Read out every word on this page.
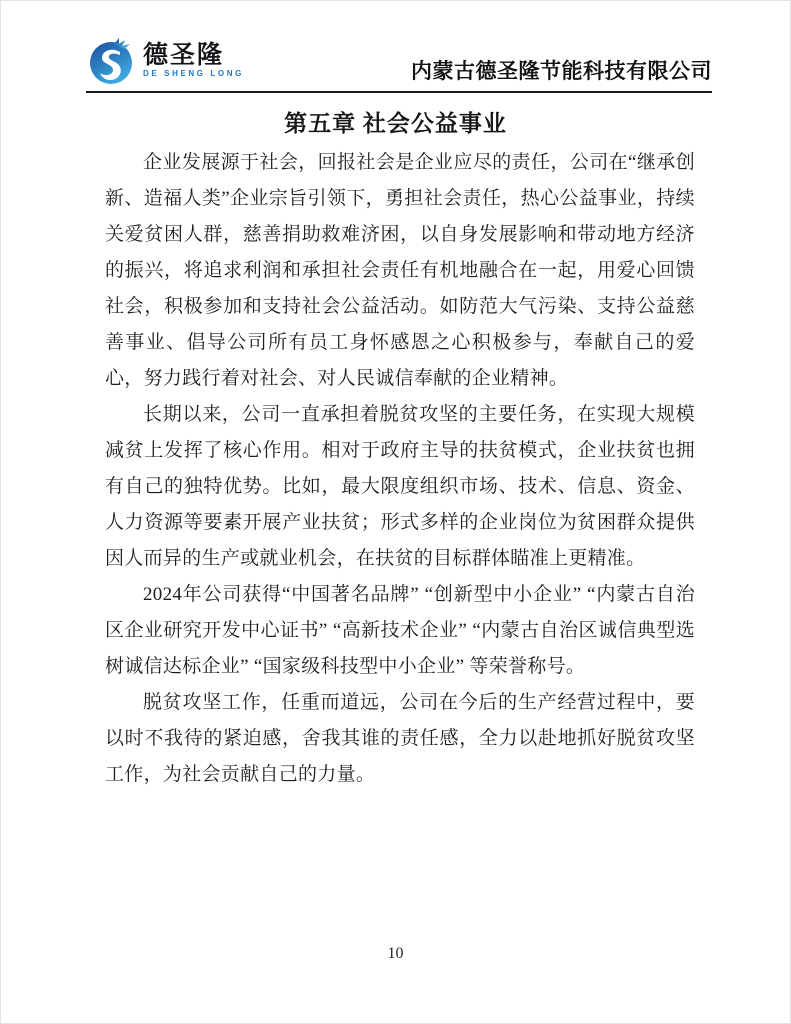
德圣隆
DE SHENG LONG	内蒙古德圣隆节能科技有限公司
第五章 社会公益事业

企业发展源于社会，回报社会是企业应尽的责任，公司在“继承创新、造福人类”企业宗旨引领下，勇担社会责任，热心公益事业，持续关爱贫困人群，慈善捐助救难济困，以自身发展影响和带动地方经济的振兴，将追求利润和承担社会责任有机地融合在一起，用爱心回馈社会，积极参加和支持社会公益活动。如防范大气污染、支持公益慈善事业、倡导公司所有员工身怀感恩之心积极参与，奉献自己的爱心，努力践行着对社会、对人民诚信奉献的企业精神。

长期以来，公司一直承担着脱贫攻坚的主要任务，在实现大规模减贫上发挥了核心作用。相对于政府主导的扶贫模式，企业扶贫也拥有自己的独特优势。比如，最大限度组织市场、技术、信息、资金、人力资源等要素开展产业扶贫；形式多样的企业岗位为贫困群众提供因人而异的生产或就业机会，在扶贫的目标群体瞄准上更精准。

2024年公司获得“中国著名品牌” “创新型中小企业” “内蒙古自治区企业研究开发中心证书” “高新技术企业” “内蒙古自治区诚信典型选树诚信达标企业” “国家级科技型中小企业” 等荣誉称号。

脱贫攻坚工作，任重而道远，公司在今后的生产经营过程中，要以时不我待的紧迫感，舍我其谁的责任感，全力以赴地抓好脱贫攻坚工作，为社会贡献自己的力量。

10
